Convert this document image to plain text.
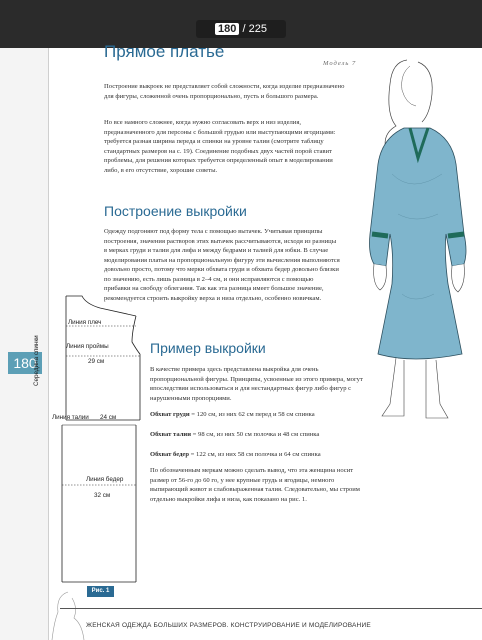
180 / 225
180
Прямое платье
Модель 7

Построение выкроек не представляет собой сложности, когда изделие предназначено для фигуры, сложенной очень пропорционально, пусть и большого размера.

Но все намного сложнее, когда нужно согласовать верх и низ изделия, предназначенного для персоны с большой грудью или выступающими ягодицами: требуется разная ширина переда и спинки на уровне талии (смотрите таблицу стандартных размеров на с. 19). Соединение подобных двух частей порой ставит проблемы, для решения которых требуется определенный опыт в моделировании либо, в его отсутствие, хорошие советы.

Построение выкройки

Одежду подгоняют под форму тела с помощью вытачек. Учитывая принципы построения, значения растворов этих вытачек рассчитываются, исходя из разницы в мерках груди и талии для лифа и между бедрами и талией для юбки. В случае моделирования платья на пропорциональную фигуру эти вычисления выполняются довольно просто, потому что мерки обхвата груди и обхвата бедер довольно близки по значению, есть лишь разница в 2–4 см, и они исправляются с помощью прибавки на свободу облегания. Так как эта разница имеет большое значение, рекомендуется строить выкройку верха и низа отдельно, особенно новичкам.

Пример выкройки

В качестве примера здесь представлена выкройка для очень пропорциональной фигуры. Принципы, усвоенные из этого примера, могут впоследствии использоваться и для нестандартных фигур либо фигур с нарушенными пропорциями.

Обхват груди = 120 см, из них 62 см перед и 58 см спинка
Обхват талии = 98 см, из них 50 см полочка и 48 см спинка
Обхват бедер = 122 см, из них 58 см полочка и 64 см спинка

По обозначенным меркам можно сделать вывод, что эта женщина носит размер от 56-го до 60 го, у нее крупные грудь и ягодицы, немного выпирающий живот и слабовыраженная талия. Следовательно, мы строим отдельно выкройки лифа и низа, как показано на рис. 1.

Линия плеч
Линия проймы
29 см
Середина спинки
Линия талии 24 см
Линия бедер
32 см
Рис. 1
ЖЕНСКАЯ ОДЕЖДА БОЛЬШИХ РАЗМЕРОВ. КОНСТРУИРОВАНИЕ И МОДЕЛИРОВАНИЕ
